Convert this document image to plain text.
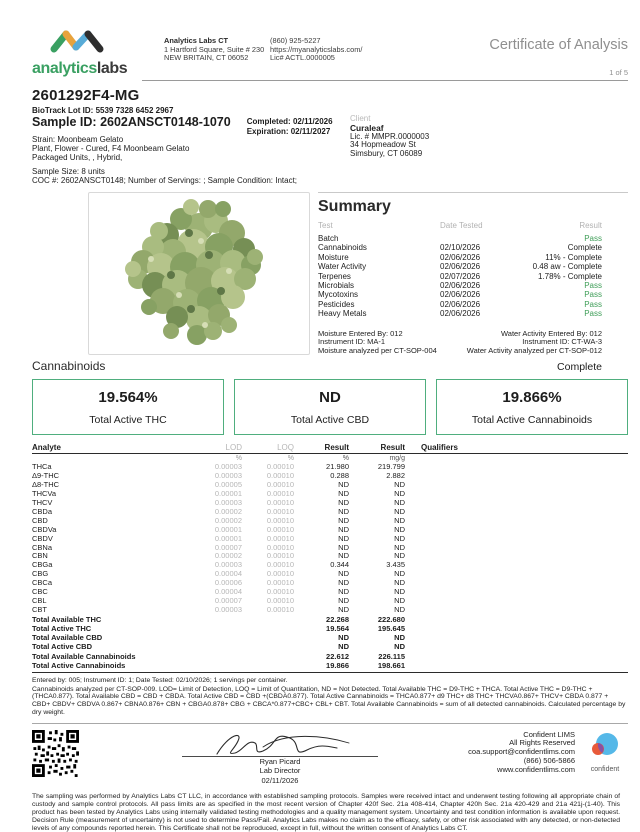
analyticslabs
Analytics Labs CT
1 Hartford Square, Suite # 230
NEW BRITAIN, CT 06052
(860) 925-5227
https://myanalyticslabs.com/
Lic# ACTL.0000005
Certificate of Analysis
1 of 5
2601292F4-MG
BioTrack Lot ID: 5539 7328 6452 2967
Sample ID: 2602ANSCT0148-1070 Completed: 02/11/2026
Expiration: 02/11/2027
Strain: Moonbeam Gelato
Plant, Flower - Cured, F4 Moonbeam Gelato
Packaged Units, , Hybrid,
Sample Size: 8 units
COC #: 2602ANSCT0148; Number of Servings: ; Sample Condition: Intact;
Client
Curaleaf
Lic. # MMPR.0000003
34 Hopmeadow St
Simsbury, CT 06089
Summary
Test	Date Tested	Result
Batch	Pass
Cannabinoids	02/10/2026	Complete
Moisture	02/06/2026	11% - Complete
Water Activity	02/06/2026	0.48 aw - Complete
Terpenes	02/07/2026	1.78% - Complete
Microbials	02/06/2026	Pass
Mycotoxins	02/06/2026	Pass
Pesticides	02/06/2026	Pass
Heavy Metals	02/06/2026	Pass
Moisture Entered By: 012
Instrument ID: MA-1
Moisture analyzed per CT-SOP-004
Water Activity Entered By: 012
Instrument ID: CT-WA-3
Water Activity analyzed per CT-SOP-012
Cannabinoids	Complete
19.564%
Total Active THC
ND
Total Active CBD
19.866%
Total Active Cannabinoids
Analyte	LOD	LOQ	Result	Result	Qualifiers
%	%	%	mg/g
THCa	0.00003	0.00010	21.980	219.799
Δ9-THC	0.00003	0.00010	0.288	2.882
Δ8-THC	0.00005	0.00010	ND	ND
THCVa	0.00001	0.00010	ND	ND
THCV	0.00003	0.00010	ND	ND
CBDa	0.00002	0.00010	ND	ND
CBD	0.00002	0.00010	ND	ND
CBDVa	0.00001	0.00010	ND	ND
CBDV	0.00001	0.00010	ND	ND
CBNa	0.00007	0.00010	ND	ND
CBN	0.00002	0.00010	ND	ND
CBGa	0.00003	0.00010	0.344	3.435
CBG	0.00004	0.00010	ND	ND
CBCa	0.00006	0.00010	ND	ND
CBC	0.00004	0.00010	ND	ND
CBL	0.00007	0.00010	ND	ND
CBT	0.00003	0.00010	ND	ND
Total Available THC	22.268	222.680
Total Active THC	19.564	195.645
Total Available CBD	ND	ND
Total Active CBD	ND	ND
Total Available Cannabinoids	22.612	226.115
Total Active Cannabinoids	19.866	198.661
Entered by: 005; Instrument ID: 1; Date Tested: 02/10/2026; 1 servings per container.
Cannabinoids analyzed per CT-SOP-009. LOD= Limit of Detection, LOQ = Limit of Quantitation, ND = Not Detected. Total Available THC = D9-THC + THCA. Total Active THC = D9-THC + (THCA0.877). Total Available CBD = CBD + CBDA. Total Active CBD = CBD +(CBDA0.877). Total Active Cannabinoids = THCA0.877+ d9 THC+ d8 THC+ THCVA0.867+ THCV+ CBDA 0.877 + CBD+ CBDV+ CBDVA 0.867+ CBNA0.876+ CBN + CBGA0.878+ CBG + CBCA*0.877+CBC+ CBL+ CBT. Total Available Cannabinoids = sum of all detected cannabinoids. Calculated percentage by dry weight.
Ryan Picard
Lab Director
02/11/2026
Confident LIMS
All Rights Reserved
coa.support@confidentlims.com
(866) 506-5866
www.confidentlims.com	confident
The sampling was performed by Analytics Labs CT LLC, in accordance with established sampling protocols. Samples were received intact and underwent testing following all appropriate chain of custody and sample control protocols. All pass limits are as specified in the most recent version of Chapter 420f Sec. 21a 408-414, Chapter 420h Sec. 21a 420-429 and 21a 421j-(1-40). This product has been tested by Analytics Labs using internally validated testing methodologies and a quality management system. Uncertainty and test condition information is available upon request. Decision Rule (measurement of uncertainty) is not used to determine Pass/Fail. Analytics Labs makes no claim as to the efficacy, safety, or other risk associated with any detected, or non-detected levels of any compounds reported herein. This Certificate shall not be reproduced, except in full, without the written consent of Analytics Labs CT.
